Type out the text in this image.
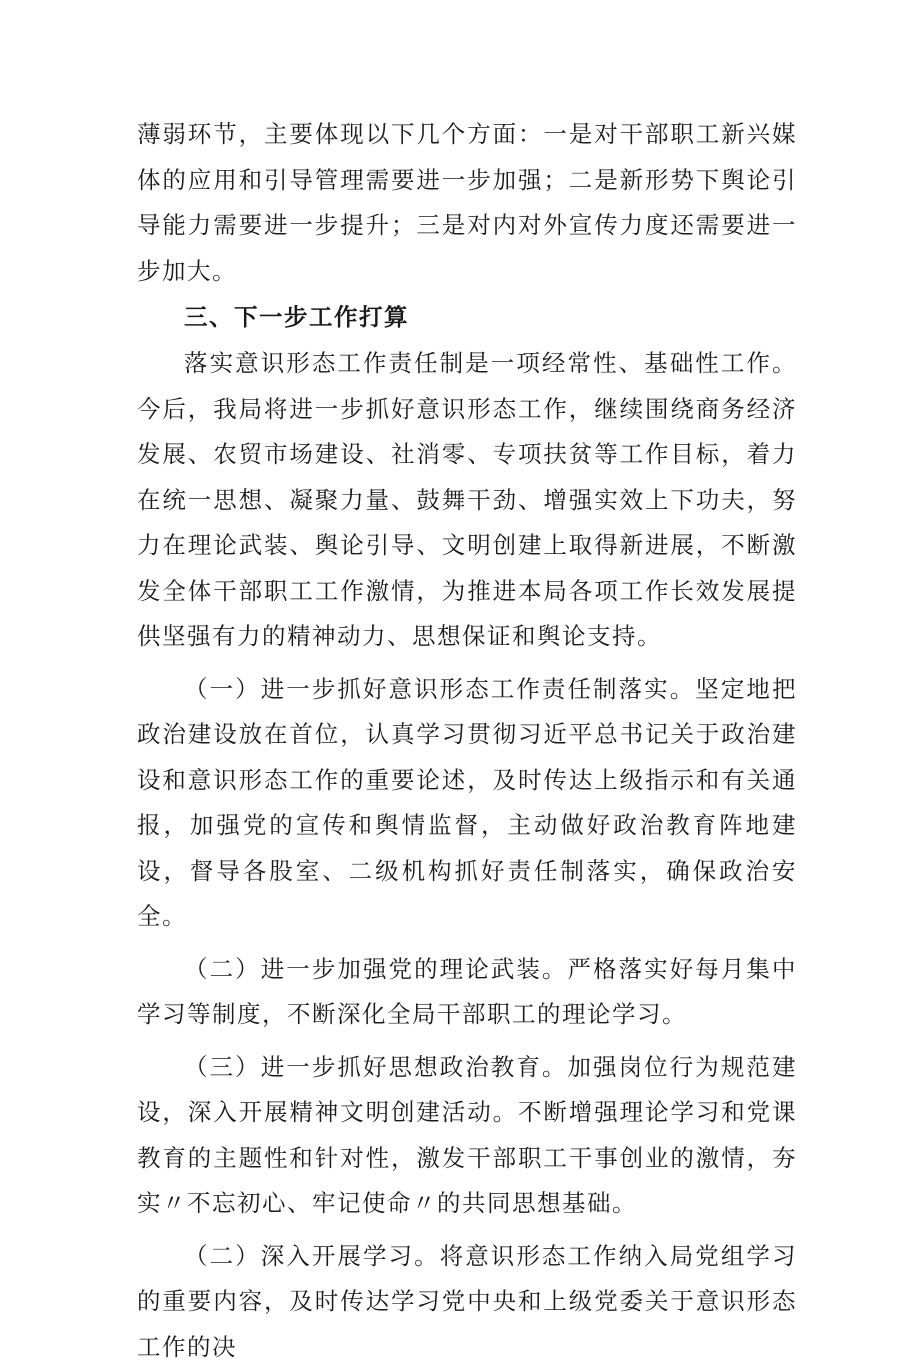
薄弱环节，主要体现以下几个方面：一是对干部职工新兴媒体的应用和引导管理需要进一步加强；二是新形势下舆论引导能力需要进一步提升；三是对内对外宣传力度还需要进一步加大。

三、下一步工作打算

落实意识形态工作责任制是一项经常性、基础性工作。今后，我局将进一步抓好意识形态工作，继续围绕商务经济发展、农贸市场建设、社消零、专项扶贫等工作目标，着力在统一思想、凝聚力量、鼓舞干劲、增强实效上下功夫，努力在理论武装、舆论引导、文明创建上取得新进展，不断激发全体干部职工工作激情，为推进本局各项工作长效发展提供坚强有力的精神动力、思想保证和舆论支持。

（一）进一步抓好意识形态工作责任制落实。坚定地把政治建设放在首位，认真学习贯彻习近平总书记关于政治建设和意识形态工作的重要论述，及时传达上级指示和有关通报，加强党的宣传和舆情监督，主动做好政治教育阵地建设，督导各股室、二级机构抓好责任制落实，确保政治安全。

（二）进一步加强党的理论武装。严格落实好每月集中学习等制度，不断深化全局干部职工的理论学习。

（三）进一步抓好思想政治教育。加强岗位行为规范建设，深入开展精神文明创建活动。不断增强理论学习和党课教育的主题性和针对性，激发干部职工干事创业的激情，夯实〃不忘初心、牢记使命〃的共同思想基础。

（二）深入开展学习。将意识形态工作纳入局党组学习的重要内容，及时传达学习党中央和上级党委关于意识形态工作的决
